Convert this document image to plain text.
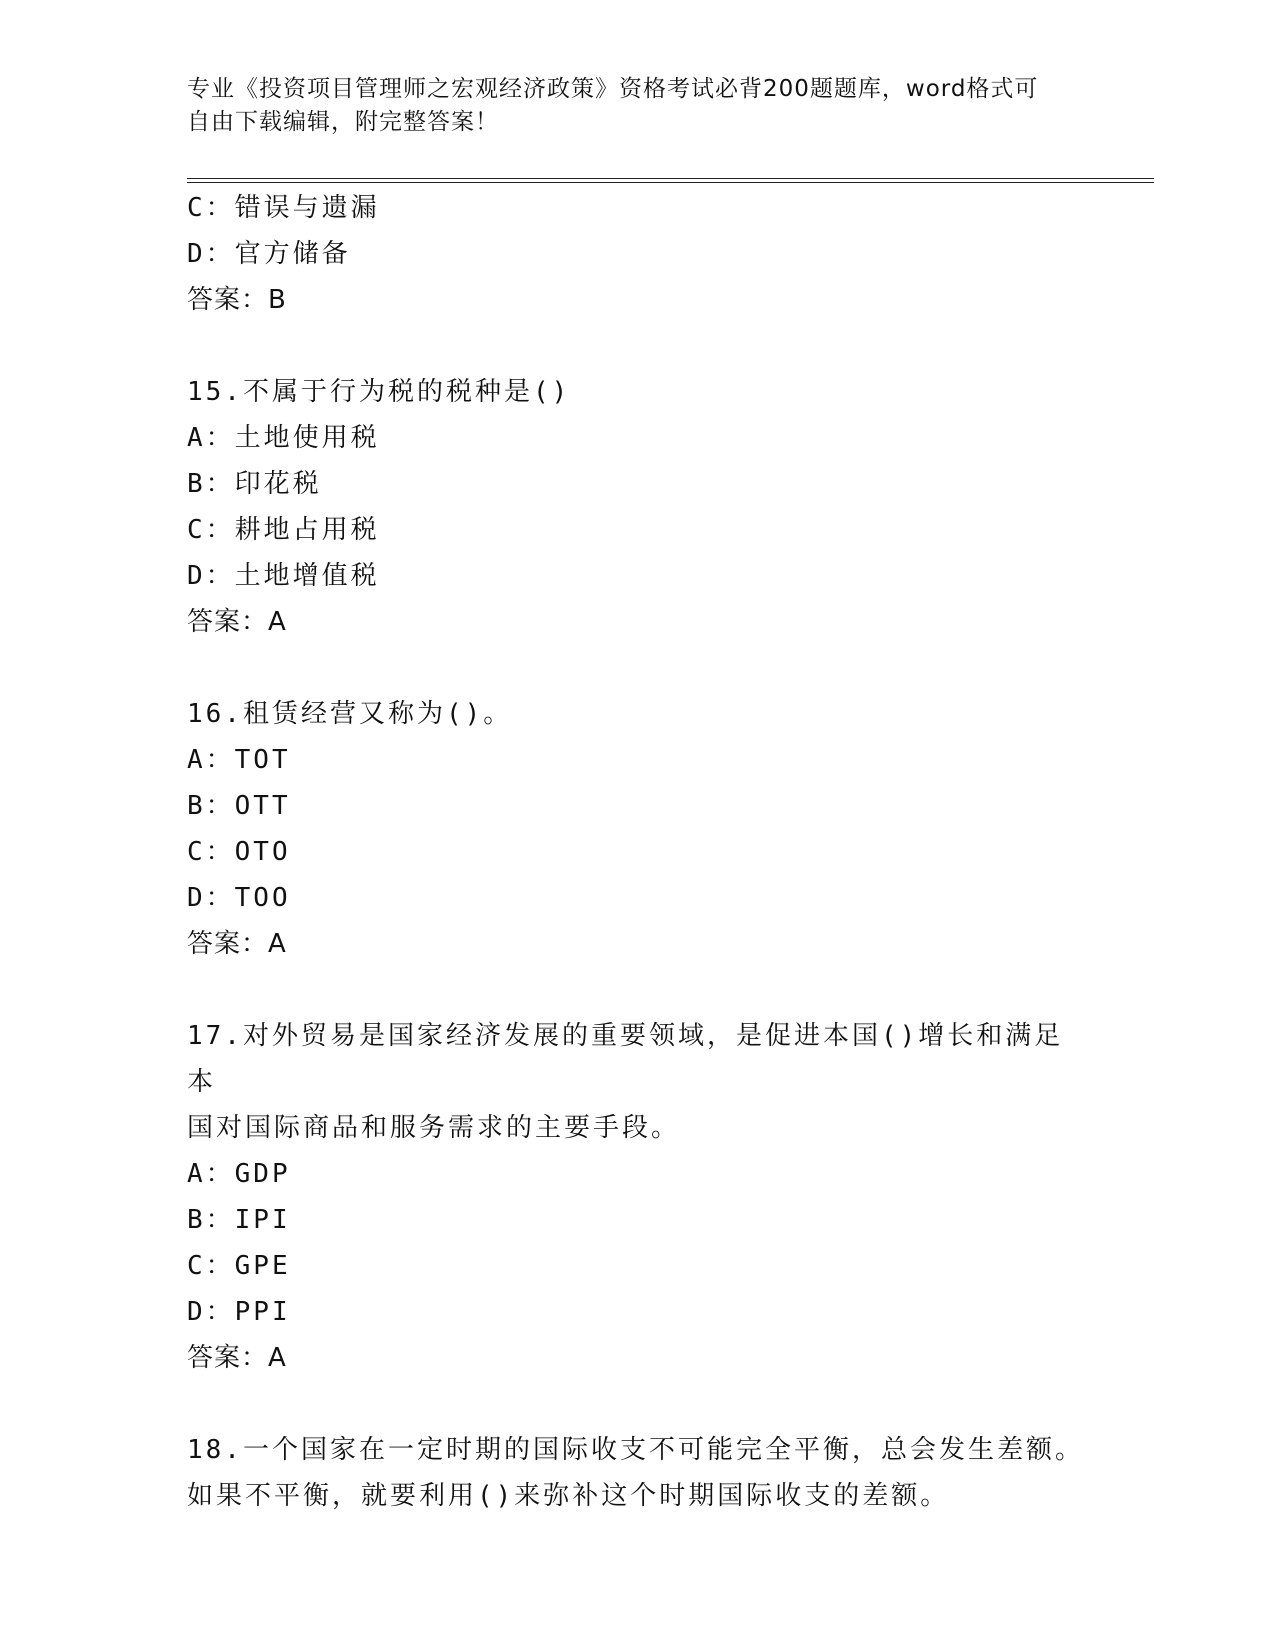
专业《投资项目管理师之宏观经济政策》资格考试必背200题题库，word格式可
自由下载编辑，附完整答案！
C：错误与遗漏
D：官方储备
答案：B
15.不属于行为税的税种是()
A：土地使用税
B：印花税
C：耕地占用税
D：土地增值税
答案：A
16.租赁经营又称为()。
A：TOT
B：OTT
C：OTO
D：TOO
答案：A
17.对外贸易是国家经济发展的重要领域，是促进本国()增长和满足本
国对国际商品和服务需求的主要手段。
A：GDP
B：IPI
C：GPE
D：PPI
答案：A
18.一个国家在一定时期的国际收支不可能完全平衡，总会发生差额。
如果不平衡，就要利用()来弥补这个时期国际收支的差额。
